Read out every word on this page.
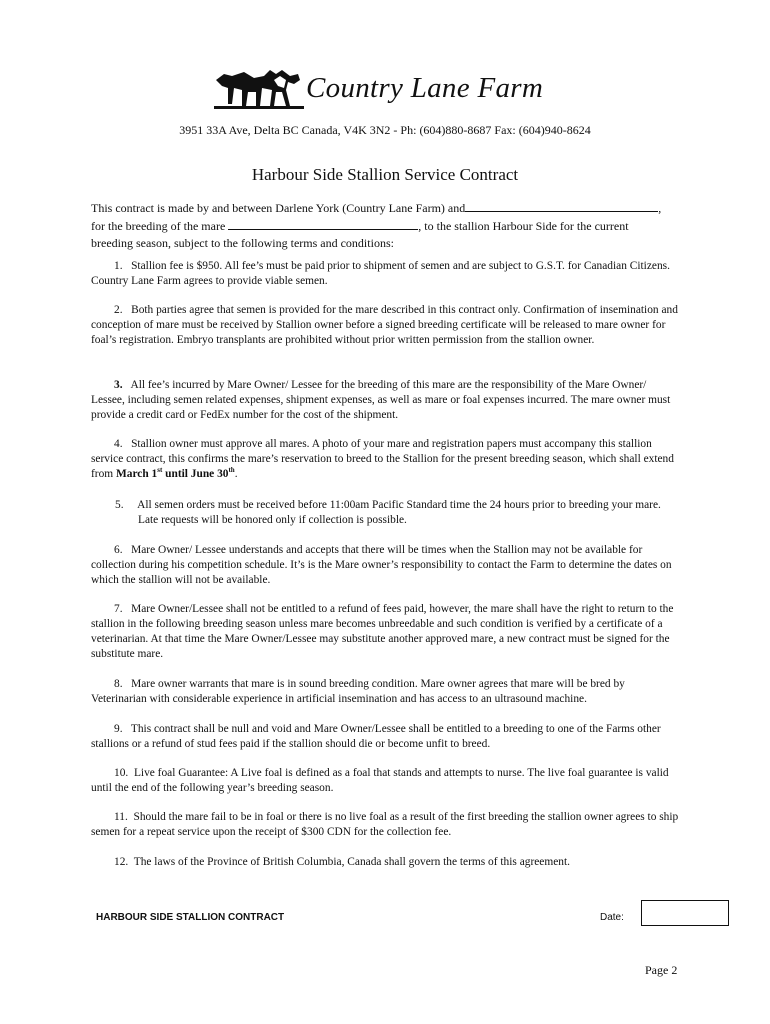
Country Lane Farm
3951 33A Ave, Delta BC Canada, V4K 3N2 - Ph: (604)880-8687 Fax: (604)940-8624
Harbour Side Stallion Service Contract
This contract is made by and between Darlene York (Country Lane Farm) and	,
for the breeding of the mare	, to the stallion Harbour Side for the current
breeding season, subject to the following terms and conditions:
1. Stallion fee is $950. All fee’s must be paid prior to shipment of semen and are subject to G.S.T. for Canadian Citizens. Country Lane Farm agrees to provide viable semen.
2. Both parties agree that semen is provided for the mare described in this contract only. Confirmation of insemination and conception of mare must be received by Stallion owner before a signed breeding certificate will be released to mare owner for foal’s registration. Embryo transplants are prohibited without prior written permission from the stallion owner.
3. All fee’s incurred by Mare Owner/ Lessee for the breeding of this mare are the responsibility of the Mare Owner/ Lessee, including semen related expenses, shipment expenses, as well as mare or foal expenses incurred. The mare owner must provide a credit card or FedEx number for the cost of the shipment.
4. Stallion owner must approve all mares. A photo of your mare and registration papers must accompany this stallion service contract, this confirms the mare’s reservation to breed to the Stallion for the present breeding season, which shall extend from March 1st until June 30th.
5. All semen orders must be received before 11:00am Pacific Standard time the 24 hours prior to breeding your mare. Late requests will be honored only if collection is possible.
6. Mare Owner/ Lessee understands and accepts that there will be times when the Stallion may not be available for collection during his competition schedule. It’s is the Mare owner’s responsibility to contact the Farm to determine the dates on which the stallion will not be available.
7. Mare Owner/Lessee shall not be entitled to a refund of fees paid, however, the mare shall have the right to return to the stallion in the following breeding season unless mare becomes unbreedable and such condition is verified by a certificate of a veterinarian. At that time the Mare Owner/Lessee may substitute another approved mare, a new contract must be signed for the substitute mare.
8. Mare owner warrants that mare is in sound breeding condition. Mare owner agrees that mare will be bred by Veterinarian with considerable experience in artificial insemination and has access to an ultrasound machine.
9. This contract shall be null and void and Mare Owner/Lessee shall be entitled to a breeding to one of the Farms other stallions or a refund of stud fees paid if the stallion should die or become unfit to breed.
10. Live foal Guarantee: A Live foal is defined as a foal that stands and attempts to nurse. The live foal guarantee is valid until the end of the following year’s breeding season.
11. Should the mare fail to be in foal or there is no live foal as a result of the first breeding the stallion owner agrees to ship semen for a repeat service upon the receipt of $300 CDN for the collection fee.
12. The laws of the Province of British Columbia, Canada shall govern the terms of this agreement.
HARBOUR SIDE STALLION CONTRACT	Date:
Page 2
